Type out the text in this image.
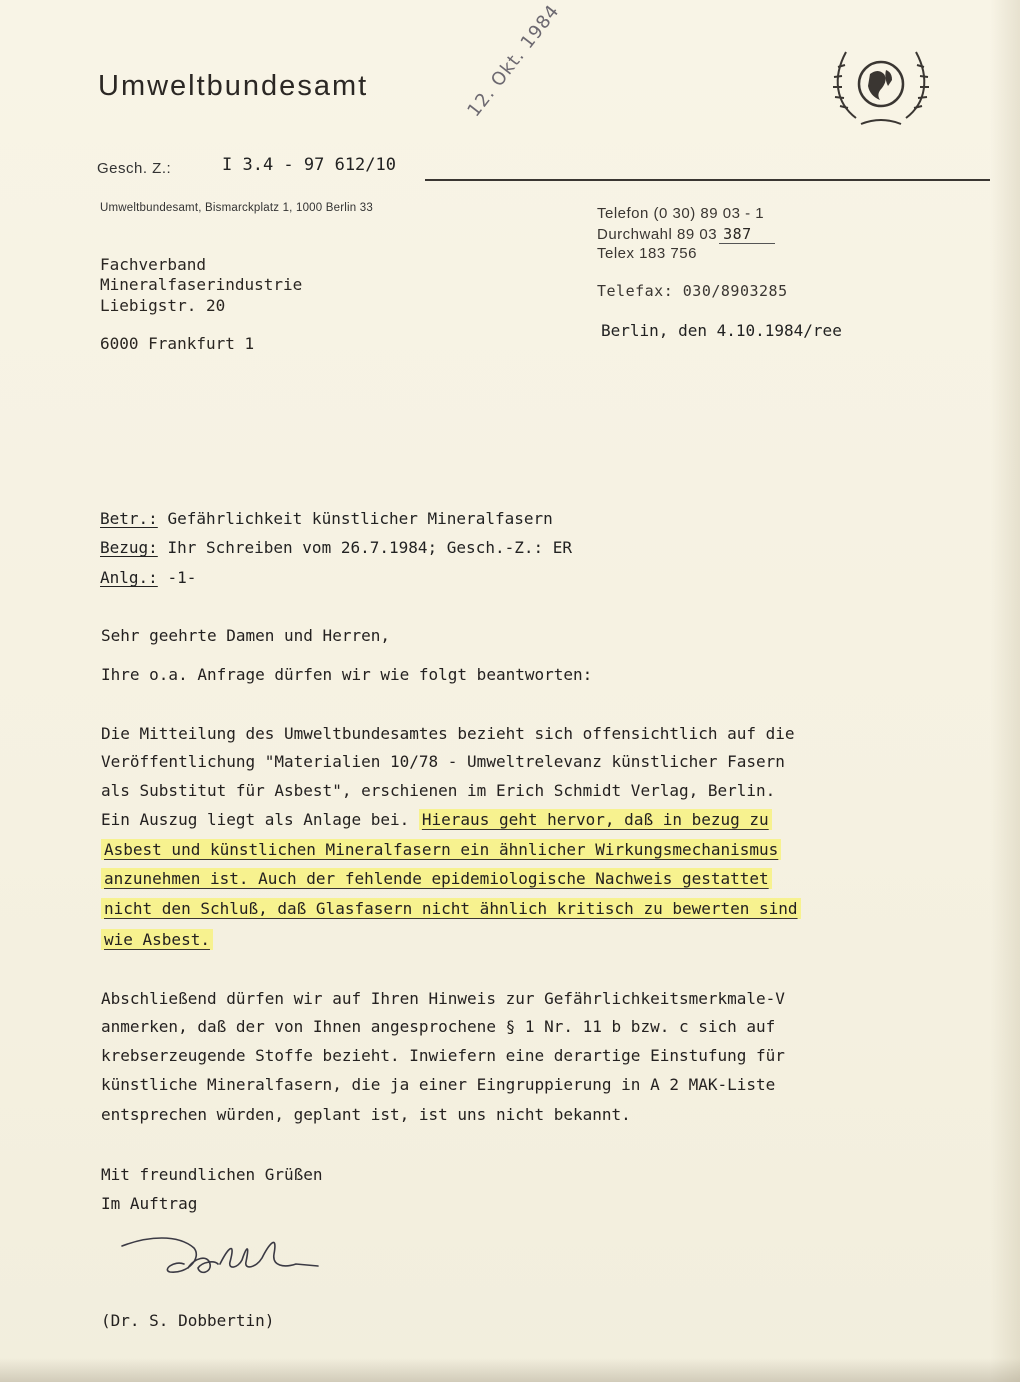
Umweltbundesamt
Gesch. Z.:	I 3.4 - 97 612/10
12. Okt. 1984
Umweltbundesamt, Bismarckplatz 1, 1000 Berlin 33
Fachverband
Mineralfaserindustrie
Liebigstr. 20
6000 Frankfurt 1
Telefon (0 30) 89 03 - 1
Durchwahl 89 03 387
Telex 183 756
Telefax: 030/8903285
Berlin, den 4.10.1984/ree
Betr.: Gefährlichkeit künstlicher Mineralfasern
Bezug: Ihr Schreiben vom 26.7.1984; Gesch.-Z.: ER
Anlg.: -1-
Sehr geehrte Damen und Herren,
Ihre o.a. Anfrage dürfen wir wie folgt beantworten:
Die Mitteilung des Umweltbundesamtes bezieht sich offensichtlich auf die
Veröffentlichung "Materialien 10/78 - Umweltrelevanz künstlicher Fasern
als Substitut für Asbest", erschienen im Erich Schmidt Verlag, Berlin.
Ein Auszug liegt als Anlage bei. Hieraus geht hervor, daß in bezug zu
Asbest und künstlichen Mineralfasern ein ähnlicher Wirkungsmechanismus
anzunehmen ist. Auch der fehlende epidemiologische Nachweis gestattet
nicht den Schluß, daß Glasfasern nicht ähnlich kritisch zu bewerten sind
wie Asbest.
Abschließend dürfen wir auf Ihren Hinweis zur Gefährlichkeitsmerkmale-V
anmerken, daß der von Ihnen angesprochene § 1 Nr. 11 b bzw. c sich auf
krebserzeugende Stoffe bezieht. Inwiefern eine derartige Einstufung für
künstliche Mineralfasern, die ja einer Eingruppierung in A 2 MAK-Liste
entsprechen würden, geplant ist, ist uns nicht bekannt.
Mit freundlichen Grüßen
Im Auftrag
(Dr. S. Dobbertin)
